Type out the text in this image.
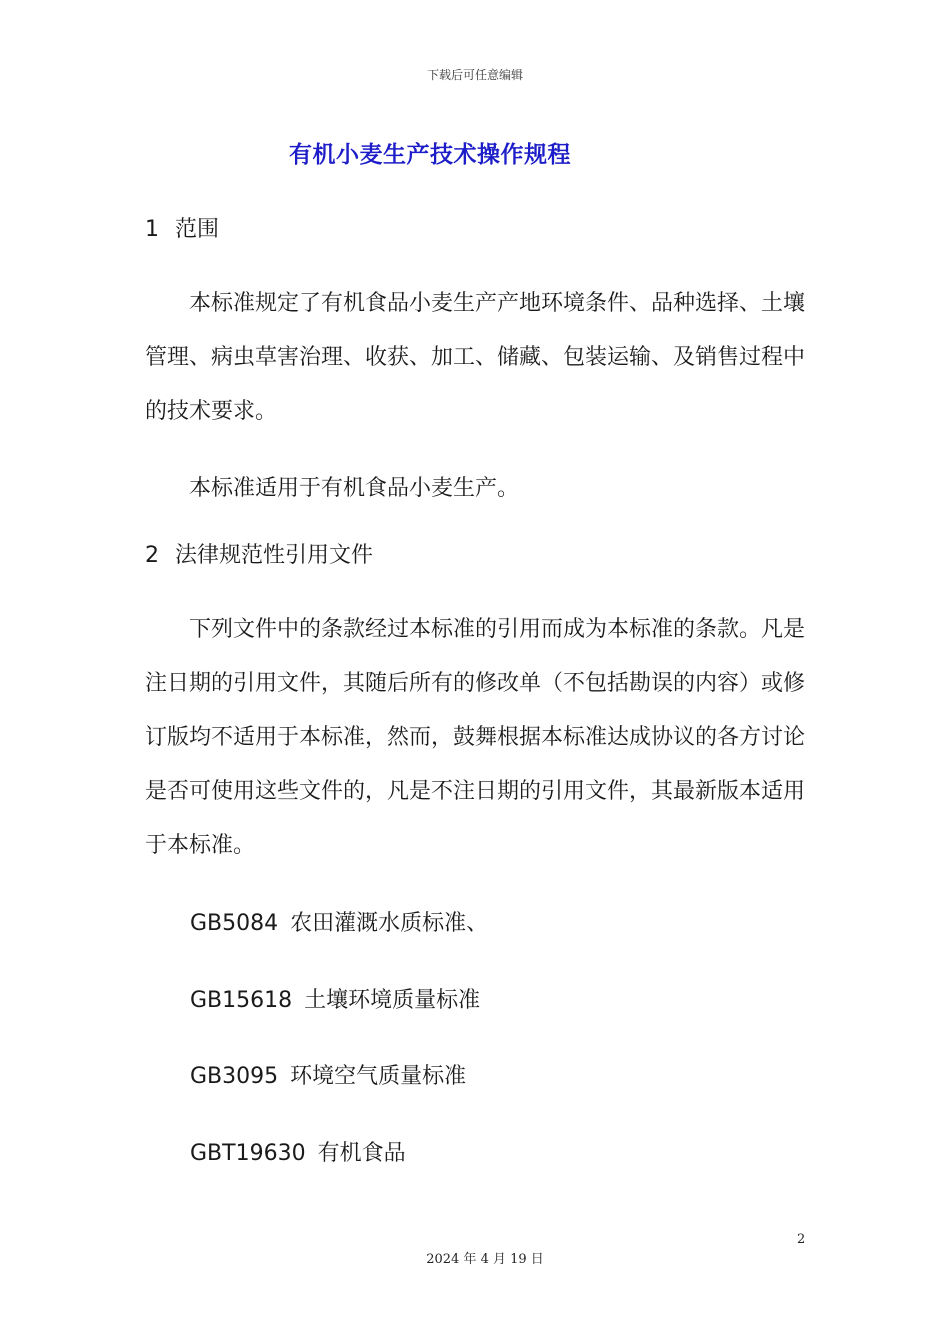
下载后可任意编辑
有机小麦生产技术操作规程
1 范围
本标准规定了有机食品小麦生产产地环境条件、品种选择、土壤管理、病虫草害治理、收获、加工、储藏、包装运输、及销售过程中的技术要求。
本标准适用于有机食品小麦生产。
2 法律规范性引用文件
下列文件中的条款经过本标准的引用而成为本标准的条款。凡是注日期的引用文件，其随后所有的修改单（不包括勘误的内容）或修订版均不适用于本标准，然而，鼓舞根据本标准达成协议的各方讨论是否可使用这些文件的，凡是不注日期的引用文件，其最新版本适用于本标准。
GB5084 农田灌溉水质标准、
GB15618 土壤环境质量标准
GB3095 环境空气质量标准
GBT19630 有机食品
2
2024 年 4 月 19 日
